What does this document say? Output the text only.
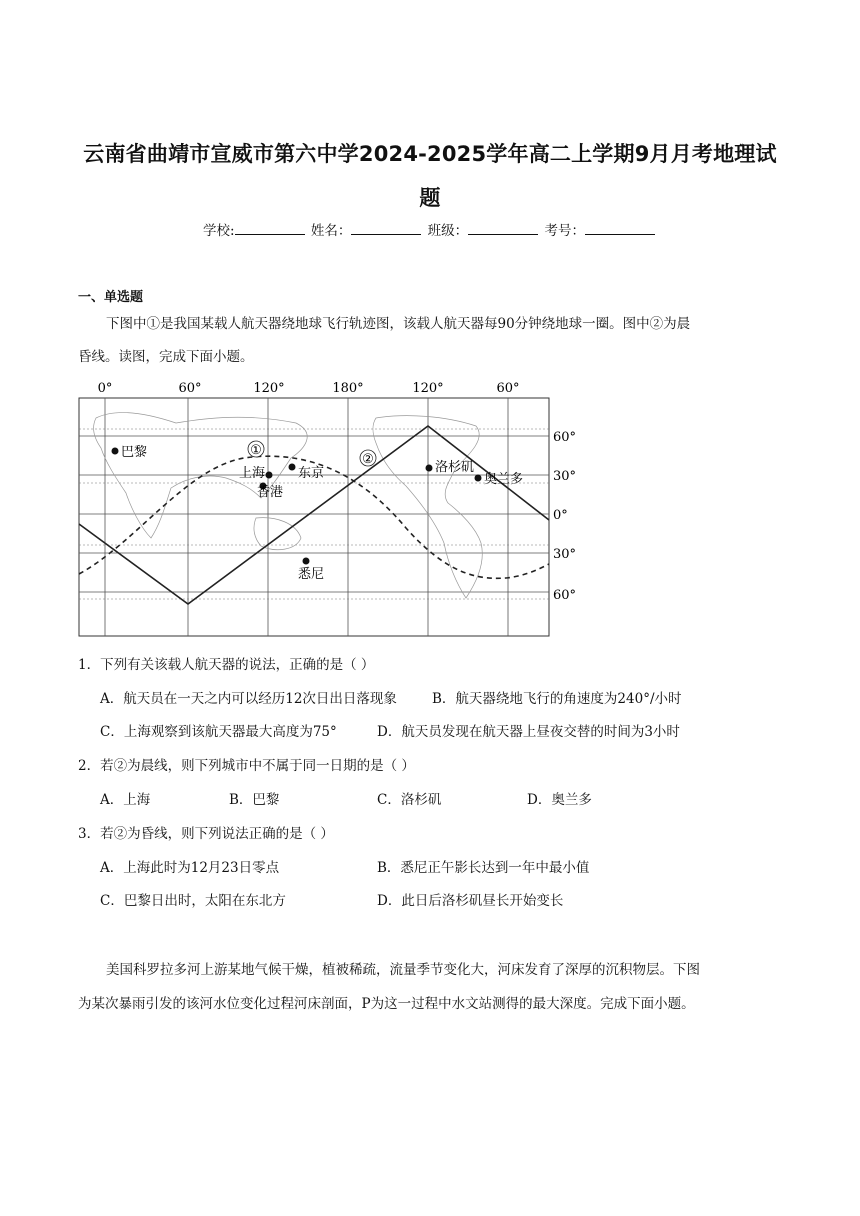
云南省曲靖市宣威市第六中学2024-2025学年高二上学期9月月考地理试
题
学校:	姓名：	班级：	考号：
一、单选题
下图中①是我国某载人航天器绕地球飞行轨迹图，该载人航天器每90分钟绕地球一圈。图中②为晨
昏线。读图，完成下面小题。
0°	60°	120°	180°	120°	60°
60°
30°
0°
30°
60°
①
②
巴黎
上海	东京
香港
悉尼
洛杉矶
奥兰多
1．下列有关该载人航天器的说法，正确的是（ ）
A．航天员在一天之内可以经历12次日出日落现象	B．航天器绕地飞行的角速度为240°/小时
C．上海观察到该航天器最大高度为75°	D．航天员发现在航天器上昼夜交替的时间为3小时
2．若②为晨线，则下列城市中不属于同一日期的是（ ）
A．上海	B．巴黎	C．洛杉矶	D．奥兰多
3．若②为昏线，则下列说法正确的是（ ）
A．上海此时为12月23日零点	B．悉尼正午影长达到一年中最小值
C．巴黎日出时，太阳在东北方	D．此日后洛杉矶昼长开始变长
美国科罗拉多河上游某地气候干燥，植被稀疏，流量季节变化大，河床发育了深厚的沉积物层。下图
为某次暴雨引发的该河水位变化过程河床剖面，P为这一过程中水文站测得的最大深度。完成下面小题。
